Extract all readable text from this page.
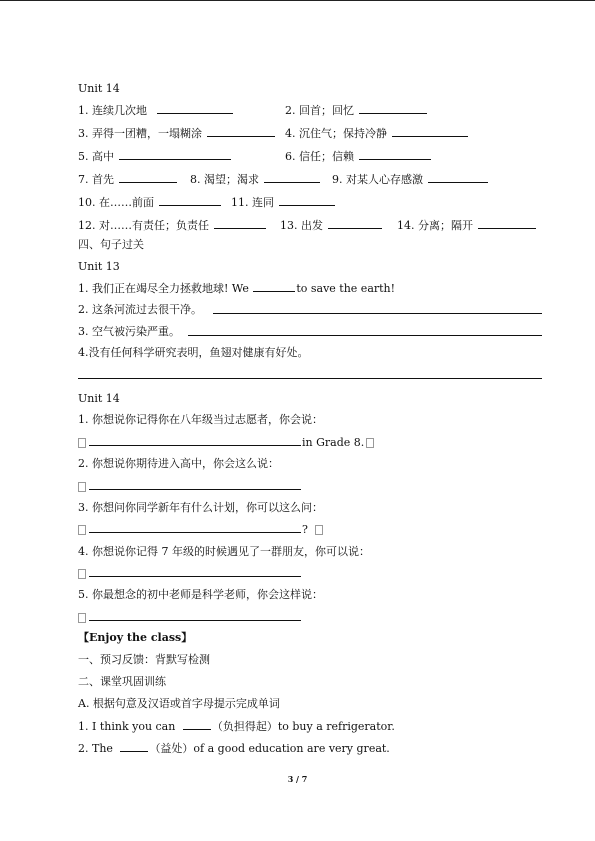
Unit 14
1. 连续几次地	2. 回首；回忆
3. 弄得一团糟，一塌糊涂	4. 沉住气；保持冷静
5. 高中	6. 信任；信赖
7. 首先	8. 渴望；渴求	9. 对某人心存感激
10. 在……前面	11. 连同
12. 对……有责任；负责任	13. 出发	14. 分离；隔开
四、句子过关
Unit 13
1. 我们正在竭尽全力拯救地球! We	to save the earth!
2. 这条河流过去很干净。
3. 空气被污染严重。
4.没有任何科学研究表明，鱼翅对健康有好处。
Unit 14
1. 你想说你记得你在八年级当过志愿者，你会说：
in Grade 8.
2. 你想说你期待进入高中，你会这么说：
3. 你想问你同学新年有什么计划，你可以这么问：
?
4. 你想说你记得 7 年级的时候遇见了一群朋友，你可以说：
5. 你最想念的初中老师是科学老师，你会这样说：
【Enjoy the class】
一、预习反馈：背默写检测
二、课堂巩固训练
A. 根据句意及汉语或首字母提示完成单词
1. I think you can	（负担得起）to buy a refrigerator.
2. The	（益处）of a good education are very great.
3 / 7
